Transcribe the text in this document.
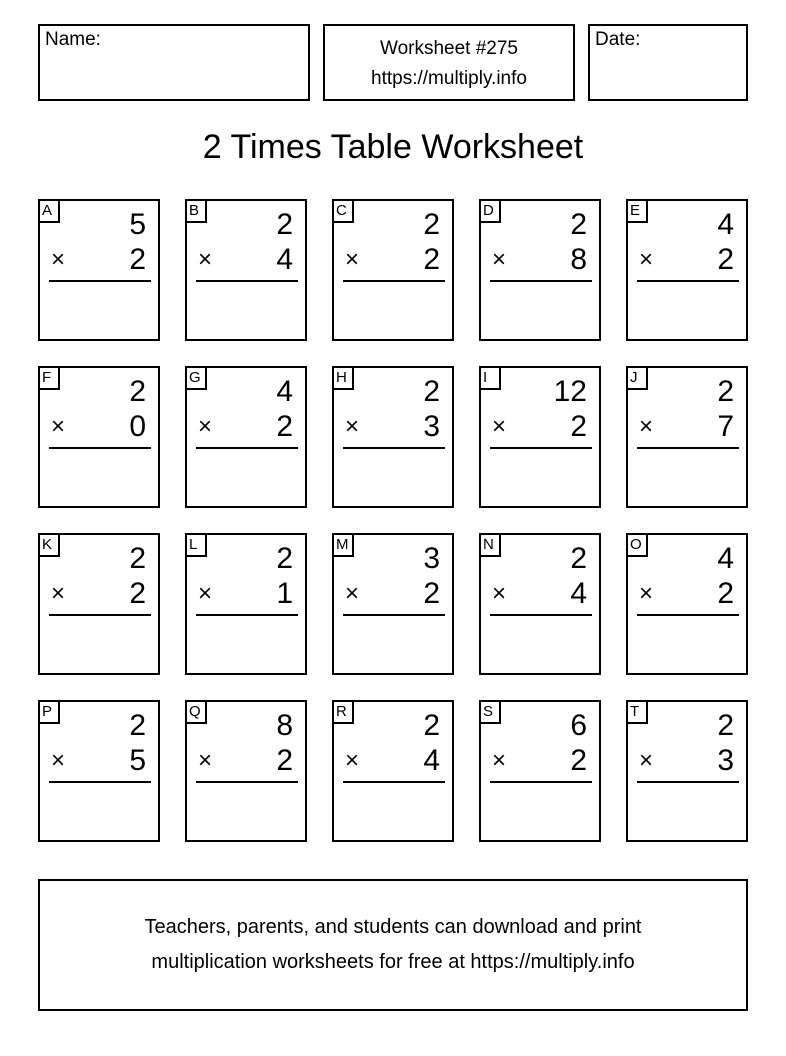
Name:	Worksheet #275
https://multiply.info
Date:
2 Times Table Worksheet
A	5
× 2
B	2
× 4
C	2
× 2
D	2
× 8
E	4
× 2
F	2
× 0
G	4
× 2
H	2
× 3
I	12
× 2
J	2
× 7
K	2
× 2
L	2
× 1
M 3
× 2
N	2
× 4
O	4
× 2
P	2
× 5
Q	8
× 2
R	2
× 4
S	6
× 2
T	2
× 3
Teachers, parents, and students can download and print
multiplication worksheets for free at https://multiply.info
